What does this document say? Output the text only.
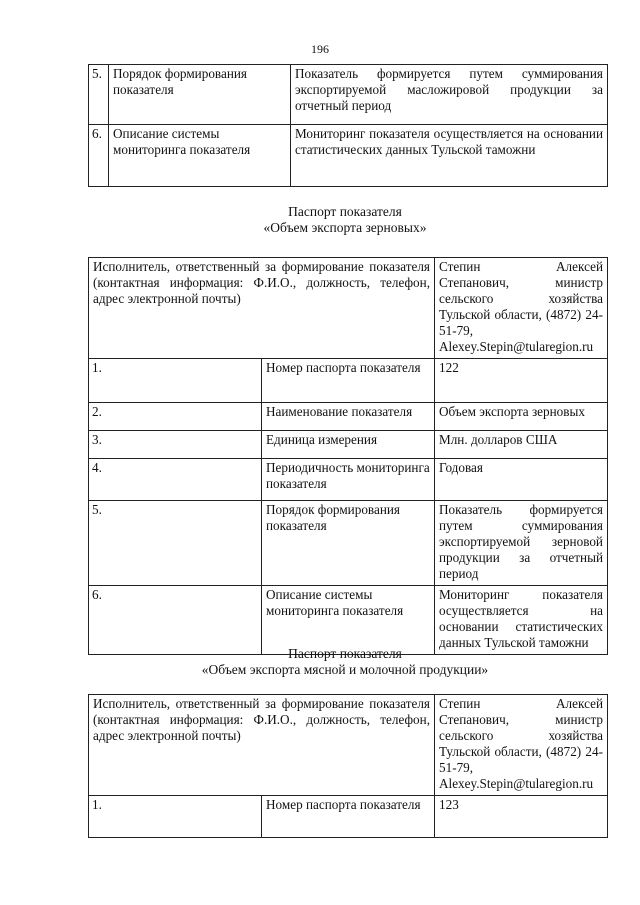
196
5.	Порядок формирования показателя	Показатель формируется путем суммирования экспортируемой масложировой продукции за отчетный период
6.	Описание системы мониторинга показателя	Мониторинг показателя осуществляется на основании статистических данных Тульской таможни
Паспорт показателя
«Объем экспорта зерновых»
Исполнитель, ответственный за формирование показателя (контактная информация: Ф.И.О., должность, телефон, адрес электронной почты)		Степин Алексей Степанович, министр сельского хозяйства Тульской области, (4872) 24-51-79, Alexey.Stepin@tularegion.ru
1.	Номер паспорта показателя	122
2.	Наименование показателя	Объем экспорта зерновых
3.	Единица измерения	Млн. долларов США
4.	Периодичность мониторинга показателя	Годовая
5.	Порядок формирования показателя	Показатель формируется путем суммирования экспортируемой зерновой продукции за отчетный период
6.	Описание системы мониторинга показателя	Мониторинг показателя осуществляется на основании статистических данных Тульской таможни
Паспорт показателя
«Объем экспорта мясной и молочной продукции»
Исполнитель, ответственный за формирование показателя (контактная информация: Ф.И.О., должность, телефон, адрес электронной почты)		Степин Алексей Степанович, министр сельского хозяйства Тульской области, (4872) 24-51-79, Alexey.Stepin@tularegion.ru
1.	Номер паспорта показателя	123
